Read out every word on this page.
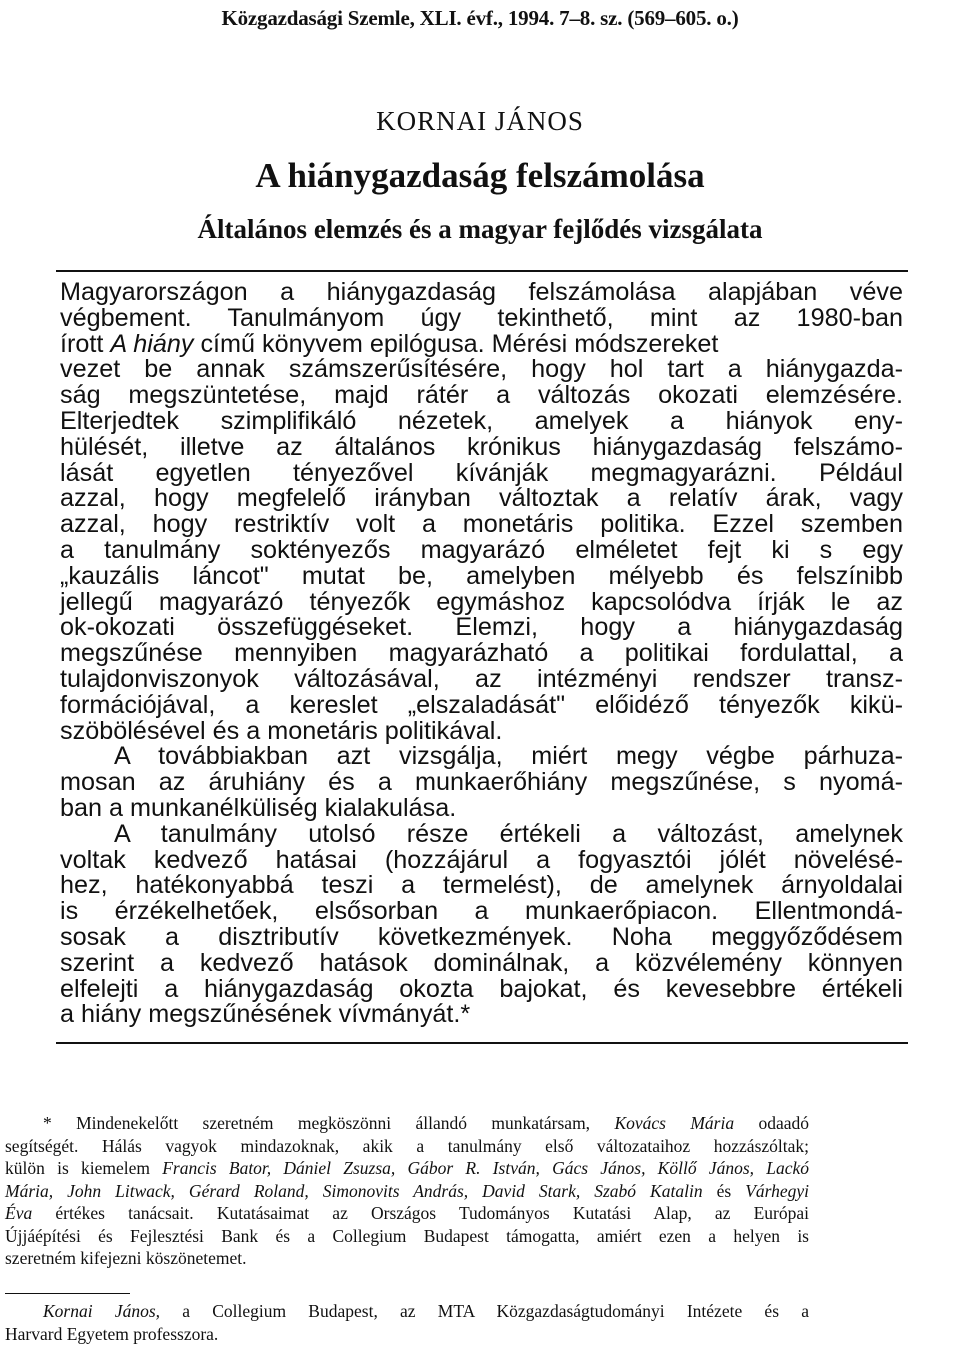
Közgazdasági Szemle, XLI. évf., 1994. 7–8. sz. (569–605. o.)
KORNAI JÁNOS
A hiánygazdaság felszámolása
Általános elemzés és a magyar fejlődés vizsgálata
Magyarországon a hiánygazdaság felszámolása alapjában véve
végbement. Tanulmányom úgy tekinthető, mint az 1980-ban
írott A hiány című könyvem epilógusa. Mérési módszereket
vezet be annak számszerűsítésére, hogy hol tart a hiánygazda-
ság megszüntetése, majd rátér a változás okozati elemzésére.
Elterjedtek szimplifikáló nézetek, amelyek a hiányok eny-
hülését, illetve az általános krónikus hiánygazdaság felszámo-
lását egyetlen tényezővel kívánják megmagyarázni. Például
azzal, hogy megfelelő irányban változtak a relatív árak, vagy
azzal, hogy restriktív volt a monetáris politika. Ezzel szemben
a tanulmány soktényezős magyarázó elméletet fejt ki s egy
„kauzális láncot" mutat be, amelyben mélyebb és felszínibb
jellegű magyarázó tényezők egymáshoz kapcsolódva írják le az
ok-okozati összefüggéseket. Elemzi, hogy a hiánygazdaság
megszűnése mennyiben magyarázható a politikai fordulattal, a
tulajdonviszonyok változásával, az intézményi rendszer transz-
formációjával, a kereslet „elszaladását" előidéző tényezők kikü-
szöbölésével és a monetáris politikával.
A továbbiakban azt vizsgálja, miért megy végbe párhuza-
mosan az áruhiány és a munkaerőhiány megszűnése, s nyomá-
ban a munkanélküliség kialakulása.
A tanulmány utolsó része értékeli a változást, amelynek
voltak kedvező hatásai (hozzájárul a fogyasztói jólét növelésé-
hez, hatékonyabbá teszi a termelést), de amelynek árnyoldalai
is érzékelhetőek, elsősorban a munkaerőpiacon. Ellentmondá-
sosak a disztributív következmények. Noha meggyőződésem
szerint a kedvező hatások dominálnak, a közvélemény könnyen
elfelejti a hiánygazdaság okozta bajokat, és kevesebbre értékeli
a hiány megszűnésének vívmányát.*
* Mindenekelőtt szeretném megköszönni állandó munkatársam, Kovács Mária odaadó
segítségét. Hálás vagyok mindazoknak, akik a tanulmány első változataihoz hozzászóltak;
külön is kiemelem Francis Bator, Dániel Zsuzsa, Gábor R. István, Gács János, Köllő János, Lackó
Mária, John Litwack, Gérard Roland, Simonovits András, David Stark, Szabó Katalin és Várhegyi
Éva értékes tanácsait. Kutatásaimat az Országos Tudományos Kutatási Alap, az Európai
Újjáépítési és Fejlesztési Bank és a Collegium Budapest támogatta, amiért ezen a helyen is
szeretném kifejezni köszönetemet.
Kornai János, a Collegium Budapest, az MTA Közgazdaságtudományi Intézete és a
Harvard Egyetem professzora.
